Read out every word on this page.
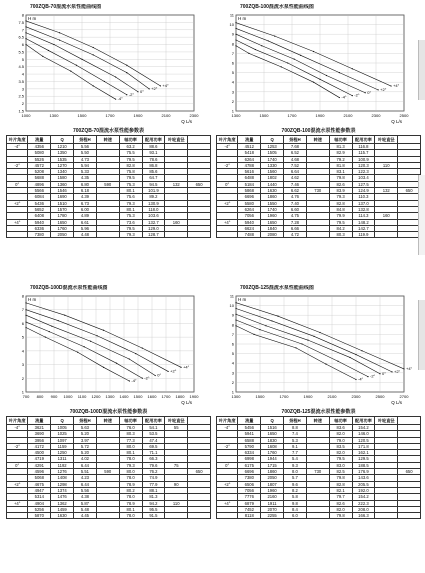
700ZQB-70混流水泵性能曲线图
1000	1300	1500	1700	1900	2100	2300
8
7.5
7
6.5
6
5.5
5
4.5
4
3.5
3
2.5
2
1.5
Q L/s
H m
+4°
+2°
0°
-2°
-4°
700ZQB-70混流水泵性能参数表
叶片角度	流量	Q	扬程H	转速	轴功率	配用功率	叶轮直径	
-4°	4356	1210	5.56		63.2	88.6		
	5080	1350	5.50		75.5	93.1		
	5526	1535	4.73		79.5	78.6		
-2°	4572	1270	5.94		82.8	86.8		
	5208	1340	5.33		75.8	85.6		
	5688	1580	4.35		79.5	64.7		
0°	4896	1360	6.80	590	75.3	94.5	132	650
	5566	1546	6.18		80.1	101.9		
	6084	1690	4.39		75.6	89.2		
+2°	5436	1510	6.73		79.3	130.9		
	5652	1570	6.00		80.1	118.0		
	6408	1780	4.89		75.3	103.6		
+4°	5940	1650	6.61		73.6	132.7	160	
	6336	1760	5.96		79.5	129.0		
	7380	2050	4.48		79.3	128.7		
700ZQB-100混流水泵性能曲线图
1300	1500	1700	1900	2100	2300	2500
11
10
9
8
7
6
5
4
3
2
1
Q L/s
H m
+4°
+2°
0°
-2°
-4°
700ZQB-100混流水泵性能参数表
叶片角度	流量	Q	扬程H	转速	轴功率	配用功率	叶轮直径	
-4°	4512	1253	7.68		81.3	116.8		
	5418	1505	6.52		82.9	115.7		
	6264	1740	4.68		79.2	100.9		
-2°	4788	1330	7.52		81.8	120.3	110	
	5616	1560	6.64		83.1	122.3		
	6488	1802	4.62		79.8	103.4		
0°	5184	1440	7.46		82.6	127.5		
	5868	1630	6.62	730	83.9	124.9	132	650
	6696	1860	4.76		79.3	110.3		
+2°	5580	1550	7.40		82.8	137.0		
	6264	1740	6.60		84.8	132.8		
	7056	1960	4.75		79.9	114.3	160	
+4°	5940	1650	7.28		79.5	148.2		
	6624	1840	6.66		84.2	142.7		
	7488	2080	4.72		80.3	119.9		
700ZQB-100D混流水泵性能曲线图
700 800 900 1000 1100 1200 1300 1400 1500 1600 1700 1800 1900
8
7
6
5
4
3
2
1
Q L/s
H m
+4°
+2°
0°
-2°
-4°
700ZQB-100D混流水泵性能参数表
叶片角度	流量	Q	扬程H	转速	轴功率	配用功率	叶轮直径	
-4°	3621	1005	5.63		76.0	54.1	55	
	3690	1025	5.20		80.3	53.5		
	3956	1097	3.97		77.3	47.4		
-2°	4172	1159	5.72		80.0	69.5		
	4500	1250	5.20		80.1	71.1		
	4719	1311	4.02		78.0	66.3		
0°	4291	1192	6.44		79.3	79.6	75	
	4596	1276	5.51	590	80.0	76.2		650
	5068	1408	4.23		78.0	74.9		
+2°	4675	1298	6.44		78.9	77.9	90	
	4947	1374	5.56		80.2	88.1		
	5314	1476	4.38		78.0	81.3		
+4°	4904	1362	5.87		78.9	94.2	110	
	5256	1459	5.48		80.1	95.5		
	5870	1630	4.45		78.0	91.5		
700ZQB-125混流水泵性能曲线图
1300	1500	1700	1900	2100	2300	2500	2700
11
10
9
8
7
6
5
4
3
2
1
Q L/s
H m
+4°
+2°
0°
-2°
-4°
700ZQB-125混流水泵性能参数表
叶片角度	流量	Q	扬程H	转速	轴功率	配用功率	叶轮直径	
-4°	5456	1516	8.8		83.6	154.2		
	5941	1650	7.4		82.0	146.0		
	6588	1830	5.3		79.0	120.5		
-2°	5790	1608	9.1		83.5	171.8		
	6334	1760	7.7		82.0	162.1		
	6998	1944	5.4		79.5	129.5		
0°	6175	1715	9.3		83.0	188.5		
	6696	1860	8.0	730	82.5	176.9		650
	7380	2050	5.7		79.8	143.6		
+2°	6506	1807	9.6		82.8	205.5		
	7056	1960	8.2		82.1	192.0		
	7776	2160	5.8		79.7	154.2		
+4°	6879	1911	9.8		82.6	222.3		
	7452	2070	8.4		82.0	208.0		
	8118	2255	6.0		79.8	166.3		
